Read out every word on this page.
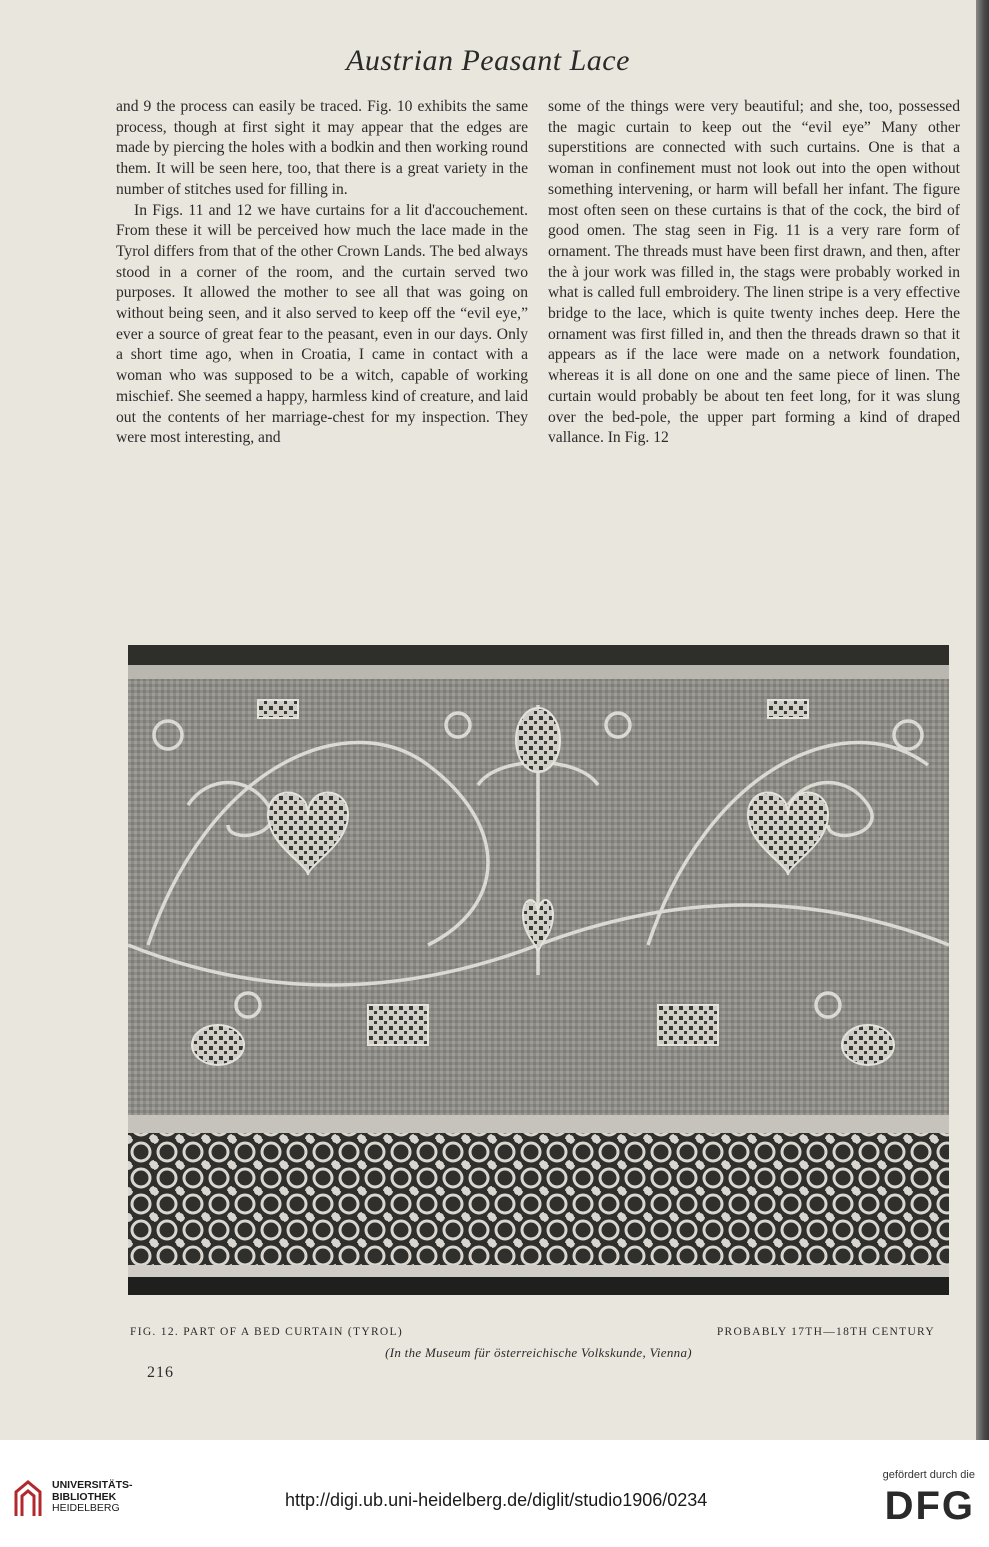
Austrian Peasant Lace

and 9 the process can easily be traced. Fig. 10 exhibits the same process, though at first sight it may appear that the edges are made by piercing the holes with a bodkin and then working round them. It will be seen here, too, that there is a great variety in the number of stitches used for filling in.

In Figs. 11 and 12 we have curtains for a lit d'accouchement. From these it will be perceived how much the lace made in the Tyrol differs from that of the other Crown Lands. The bed always stood in a corner of the room, and the curtain served two purposes. It allowed the mother to see all that was going on without being seen, and it also served to keep off the “evil eye,” ever a source of great fear to the peasant, even in our days. Only a short time ago, when in Croatia, I came in contact with a woman who was supposed to be a witch, capable of working mischief. She seemed a happy, harmless kind of creature, and laid out the contents of her marriage-chest for my inspection. They were most interesting, and

some of the things were very beautiful; and she, too, possessed the magic curtain to keep out the “evil eye” Many other superstitions are connected with such curtains. One is that a woman in confinement must not look out into the open without something intervening, or harm will befall her infant. The figure most often seen on these curtains is that of the cock, the bird of good omen. The stag seen in Fig. 11 is a very rare form of ornament. The threads must have been first drawn, and then, after the à jour work was filled in, the stags were probably worked in what is called full embroidery. The linen stripe is a very effective bridge to the lace, which is quite twenty inches deep. Here the ornament was first filled in, and then the threads drawn so that it appears as if the lace were made on a network foundation, whereas it is all done on one and the same piece of linen. The curtain would probably be about ten feet long, for it was slung over the bed-pole, the upper part forming a kind of draped vallance. In Fig. 12

FIG. 12. PART OF A BED CURTAIN (TYROL)	PROBABLY 17TH—18TH CENTURY
(In the Museum für österreichische Volkskunde, Vienna)
216
UNIVERSITÄTS-
BIBLIOTHEK
HEIDELBERG	http://digi.ub.uni-heidelberg.de/diglit/studio1906/0234
gefördert durch die
DFG
